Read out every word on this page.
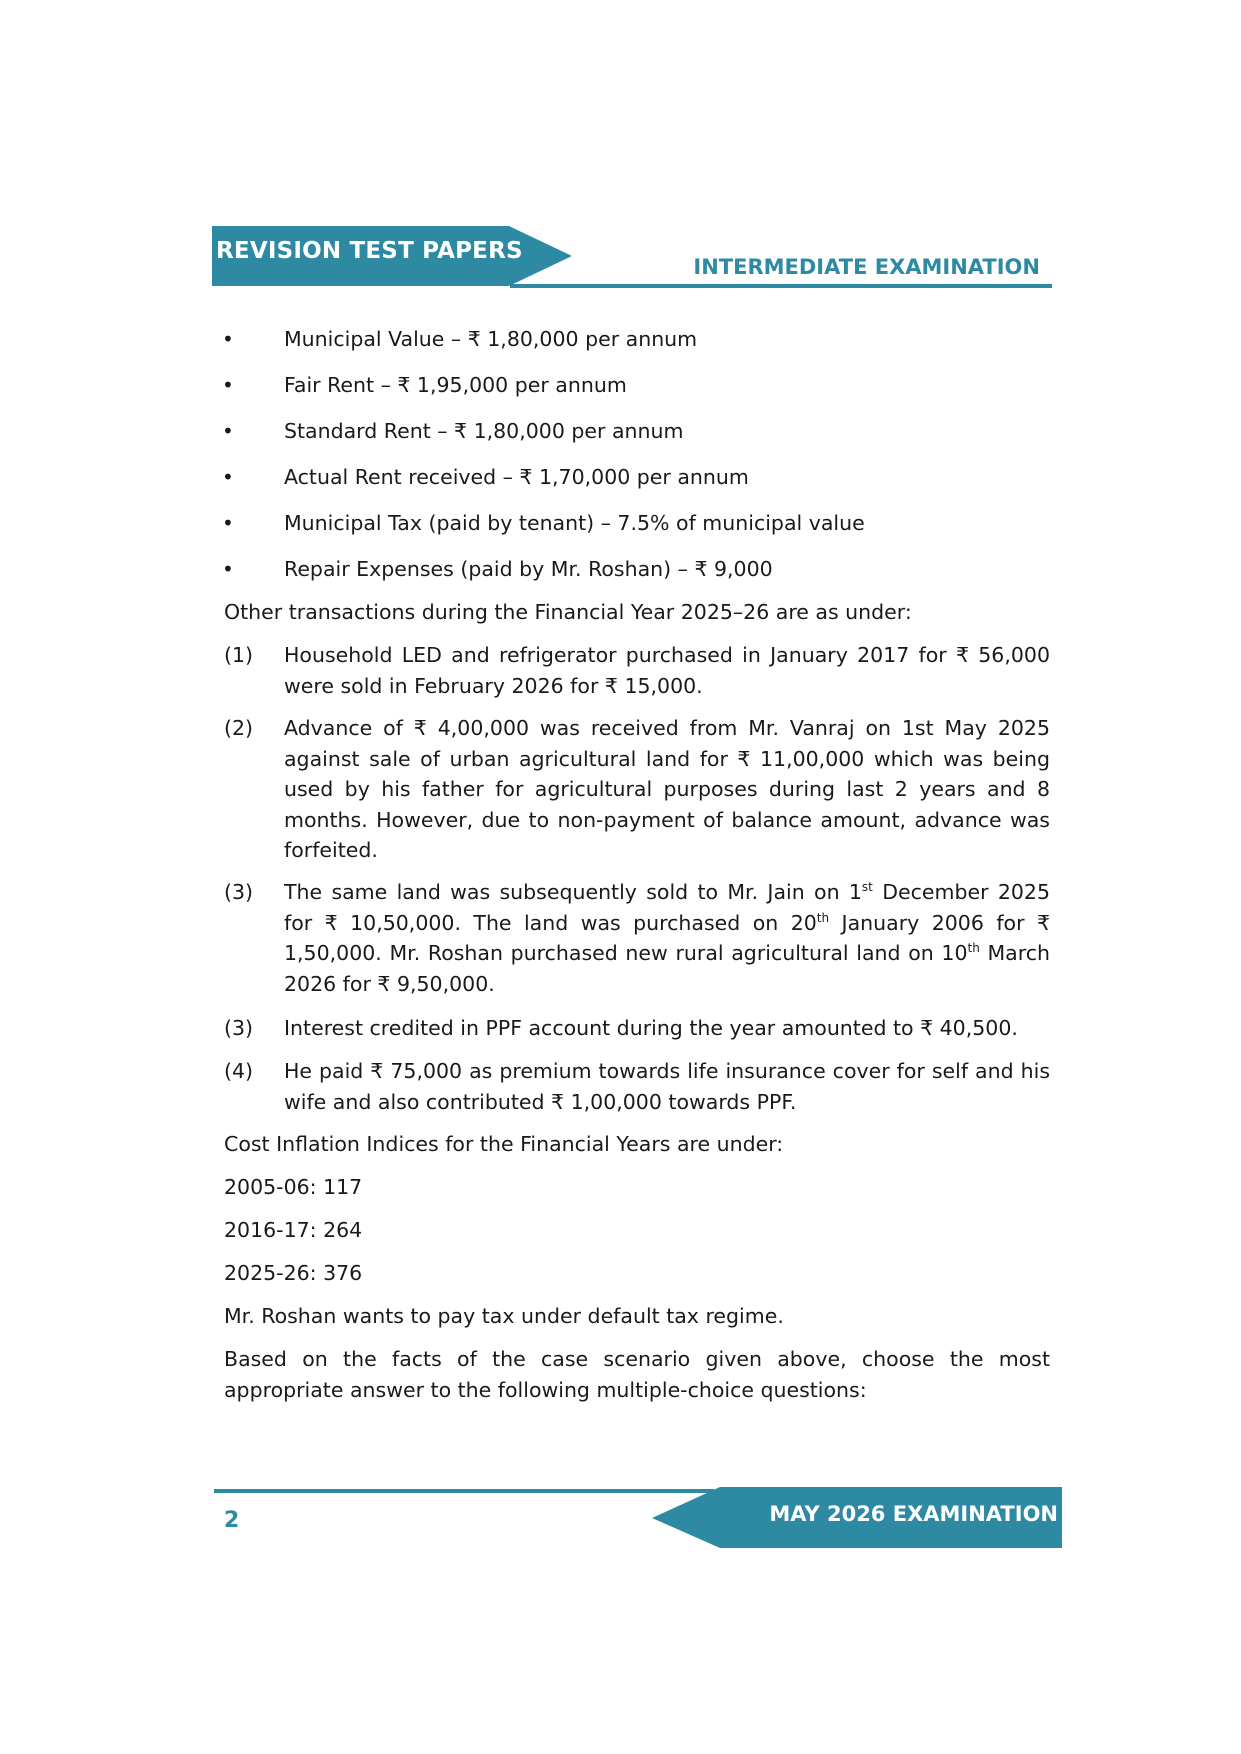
REVISION TEST PAPERS
INTERMEDIATE EXAMINATION
• Municipal Value – ₹ 1,80,000 per annum
• Fair Rent – ₹ 1,95,000 per annum
• Standard Rent – ₹ 1,80,000 per annum
• Actual Rent received – ₹ 1,70,000 per annum
• Municipal Tax (paid by tenant) – 7.5% of municipal value
• Repair Expenses (paid by Mr. Roshan) – ₹ 9,000
Other transactions during the Financial Year 2025–26 are as under:
(1) Household LED and refrigerator purchased in January 2017 for ₹ 56,000 were sold in February 2026 for ₹ 15,000.
(2) Advance of ₹ 4,00,000 was received from Mr. Vanraj on 1st May 2025 against sale of urban agricultural land for ₹ 11,00,000 which was being used by his father for agricultural purposes during last 2 years and 8 months. However, due to non-payment of balance amount, advance was forfeited.
(3) The same land was subsequently sold to Mr. Jain on 1st December 2025 for ₹ 10,50,000. The land was purchased on 20th January 2006 for ₹ 1,50,000. Mr. Roshan purchased new rural agricultural land on 10th March 2026 for ₹ 9,50,000.
(3) Interest credited in PPF account during the year amounted to ₹ 40,500.
(4) He paid ₹ 75,000 as premium towards life insurance cover for self and his wife and also contributed ₹ 1,00,000 towards PPF.
Cost Inflation Indices for the Financial Years are under:
2005-06: 117
2016-17: 264
2025-26: 376
Mr. Roshan wants to pay tax under default tax regime.
Based on the facts of the case scenario given above, choose the most appropriate answer to the following multiple-choice questions:
MAY 2026 EXAMINATION
2
